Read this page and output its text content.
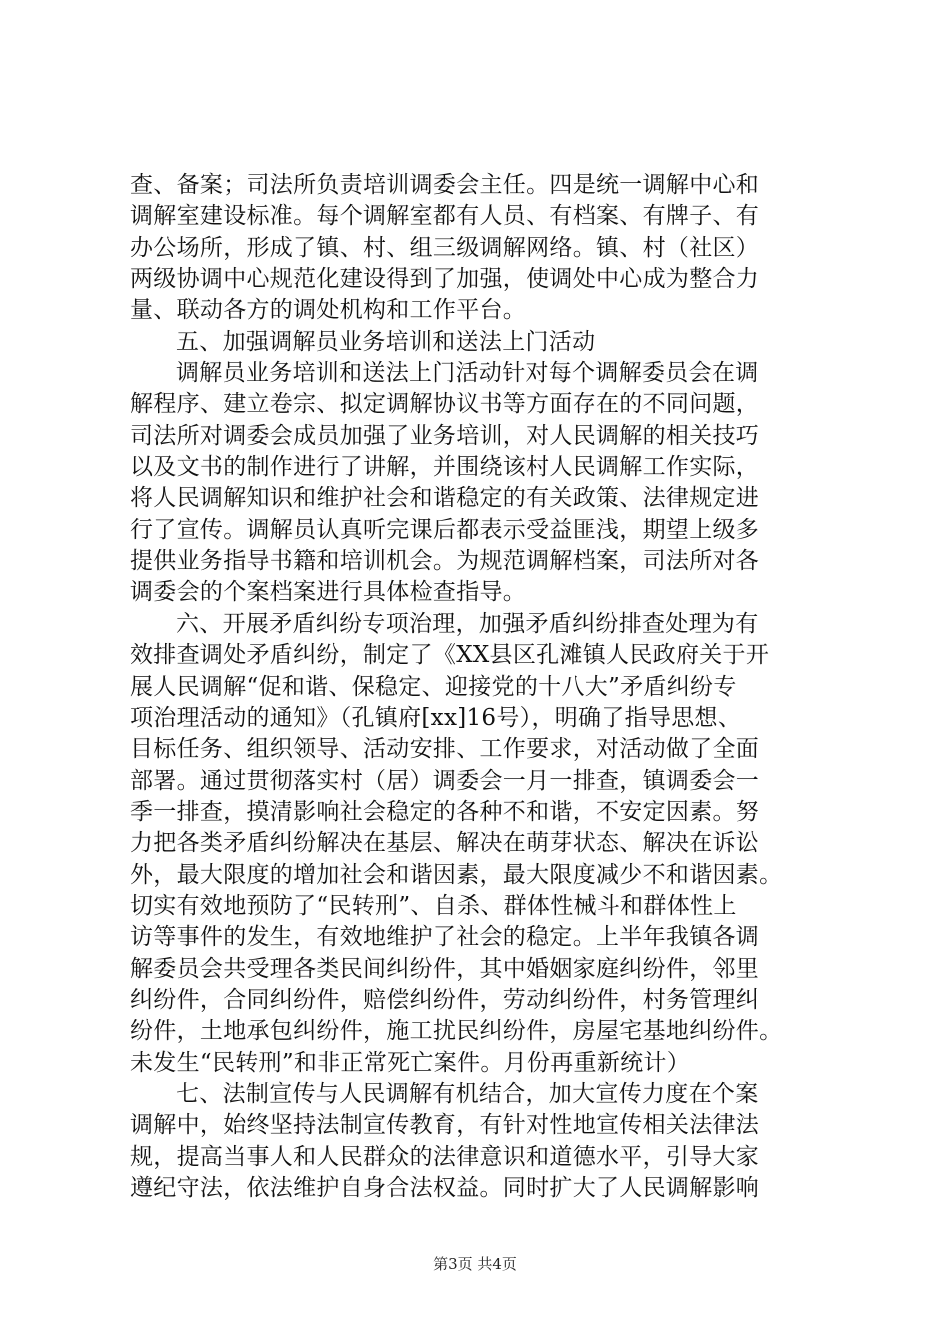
查、备案；司法所负责培训调委会主任。四是统一调解中心和
调解室建设标准。每个调解室都有人员、有档案、有牌子、有
办公场所，形成了镇、村、组三级调解网络。镇、村（社区）
两级协调中心规范化建设得到了加强，使调处中心成为整合力
量、联动各方的调处机构和工作平台。
五、加强调解员业务培训和送法上门活动
调解员业务培训和送法上门活动针对每个调解委员会在调
解程序、建立卷宗、拟定调解协议书等方面存在的不同问题，
司法所对调委会成员加强了业务培训，对人民调解的相关技巧
以及文书的制作进行了讲解，并围绕该村人民调解工作实际，
将人民调解知识和维护社会和谐稳定的有关政策、法律规定进
行了宣传。调解员认真听完课后都表示受益匪浅，期望上级多
提供业务指导书籍和培训机会。为规范调解档案，司法所对各
调委会的个案档案进行具体检查指导。
六、开展矛盾纠纷专项治理，加强矛盾纠纷排查处理为有
效排查调处矛盾纠纷，制定了《XX县区孔滩镇人民政府关于开
展人民调解“促和谐、保稳定、迎接党的十八大”矛盾纠纷专
项治理活动的通知》（孔镇府[xx]16号），明确了指导思想、
目标任务、组织领导、活动安排、工作要求，对活动做了全面
部署。通过贯彻落实村（居）调委会一月一排查，镇调委会一
季一排查，摸清影响社会稳定的各种不和谐，不安定因素。努
力把各类矛盾纠纷解决在基层、解决在萌芽状态、解决在诉讼
外，最大限度的增加社会和谐因素，最大限度减少不和谐因素。
切实有效地预防了“民转刑”、自杀、群体性械斗和群体性上
访等事件的发生，有效地维护了社会的稳定。上半年我镇各调
解委员会共受理各类民间纠纷件，其中婚姻家庭纠纷件，邻里
纠纷件，合同纠纷件，赔偿纠纷件，劳动纠纷件，村务管理纠
纷件，土地承包纠纷件，施工扰民纠纷件，房屋宅基地纠纷件。
未发生“民转刑”和非正常死亡案件。月份再重新统计）
七、法制宣传与人民调解有机结合，加大宣传力度在个案
调解中，始终坚持法制宣传教育，有针对性地宣传相关法律法
规，提高当事人和人民群众的法律意识和道德水平，引导大家
遵纪守法，依法维护自身合法权益。同时扩大了人民调解影响
第3页 共4页
